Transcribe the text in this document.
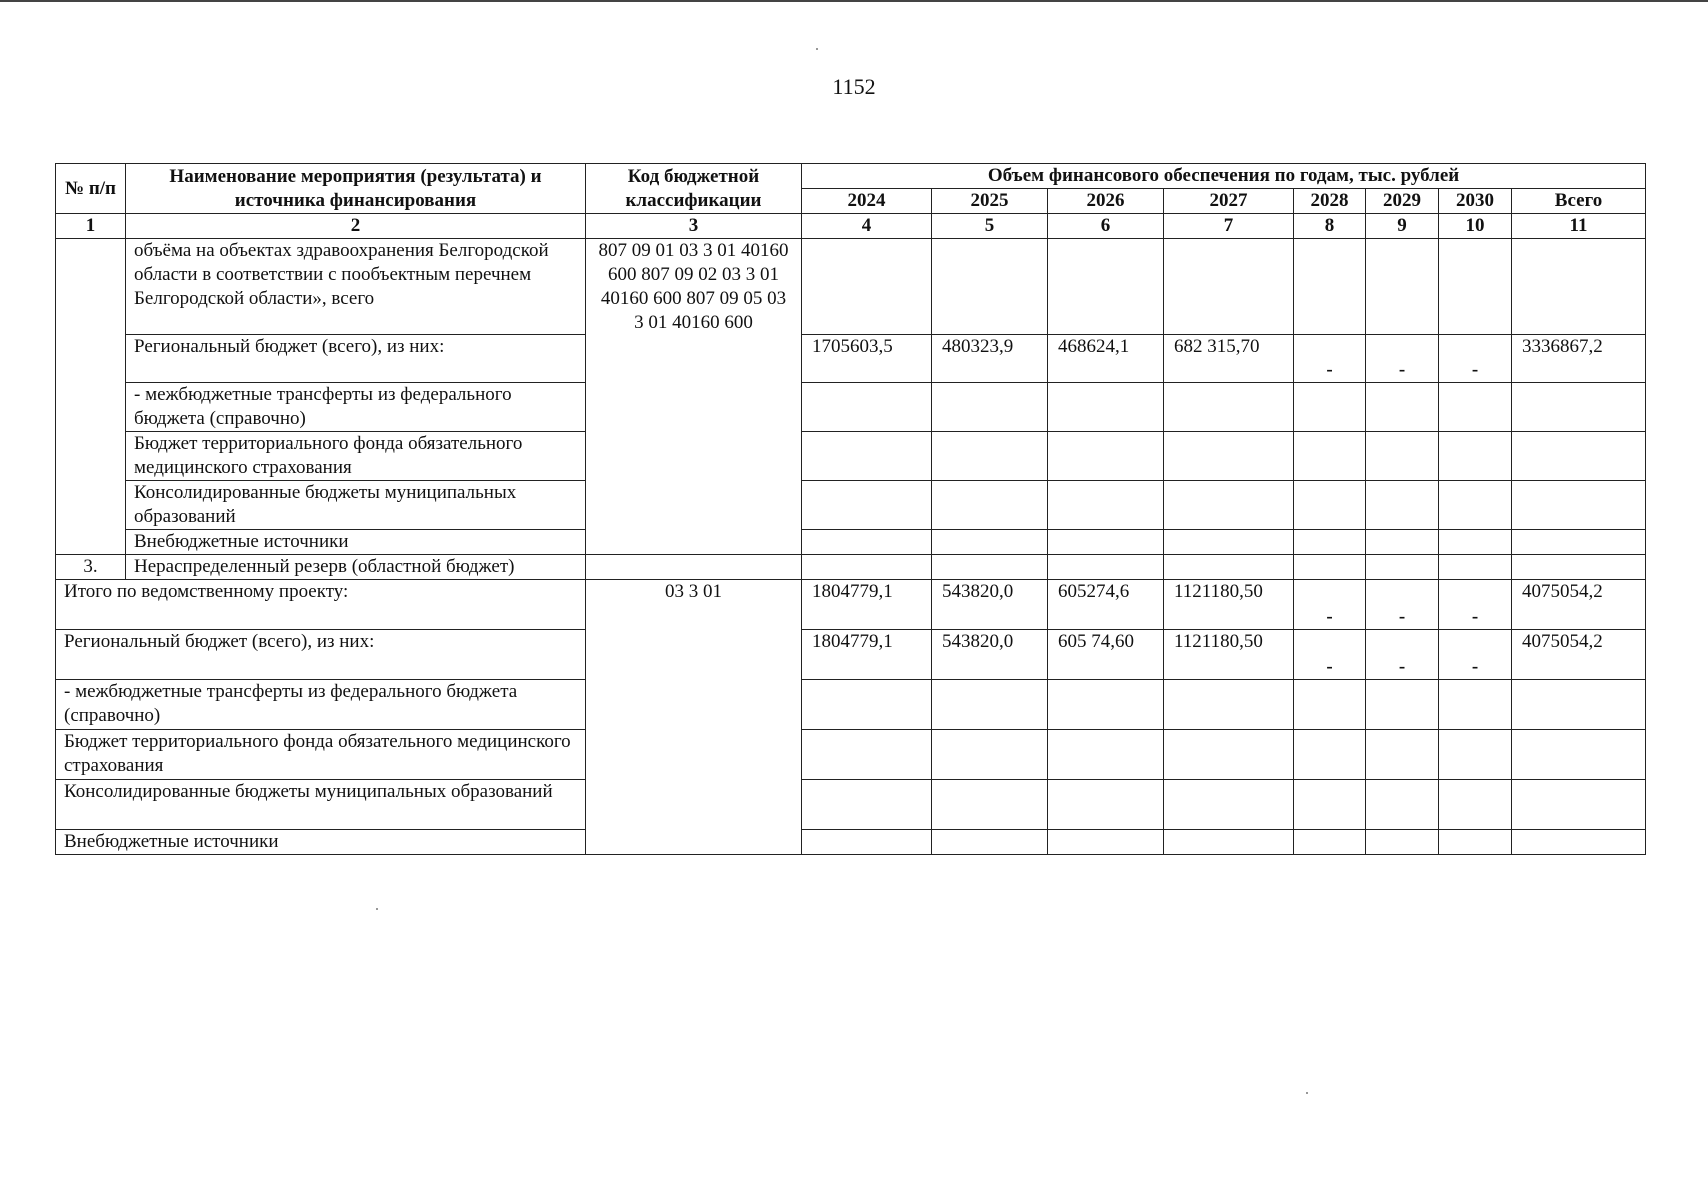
1152
№ п/п	Наименование мероприятия (результата) и источника финансирования	Код бюджетной классификации	Объем финансового обеспечения по годам, тыс. рублей							
			2024	2025	2026	2027	2028	2029	2030	Всего
1	2	3	4	5	6	7	8	9	10	11
	объёма на объектах здравоохранения Белгородской области в соответствии с пообъектным перечнем Белгородской области», всего	807 09 01 03 3 01 40160 600 807 09 02 03 3 01 40160 600 807 09 05 03 3 01 40160 600								
	Региональный бюджет (всего), из них:		1705603,5	480323,9	468624,1	682 315,70	-	-	-	3336867,2
	- межбюджетные трансферты из федерального бюджета (справочно)									
	Бюджет территориального фонда обязательного медицинского страхования									
	Консолидированные бюджеты муниципальных образований									
	Внебюджетные источники									
3.	Нераспределенный резерв (областной бюджет)									
Итого по ведомственному проекту:		03 3 01	1804779,1	543820,0	605274,6	1121180,50	-	-	-	4075054,2
Региональный бюджет (всего), из них:			1804779,1	543820,0	605 74,60	1121180,50	-	-	-	4075054,2
- межбюджетные трансферты из федерального бюджета (справочно)										
Бюджет территориального фонда обязательного медицинского страхования										
Консолидированные бюджеты муниципальных образований										
Внебюджетные источники										
